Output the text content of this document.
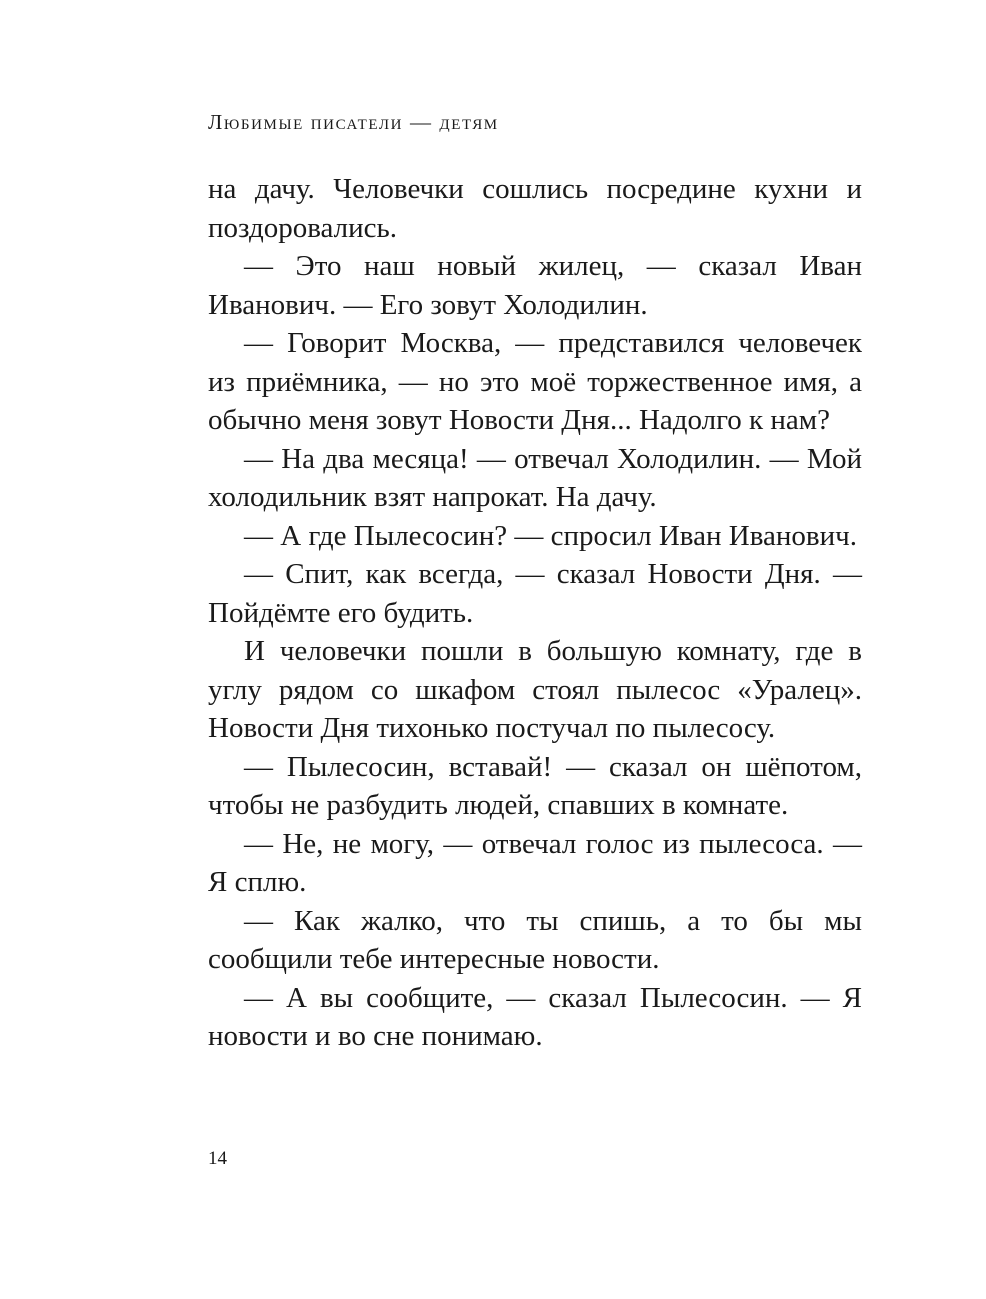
Любимые писатели — детям

на дачу. Человечки сошлись посредине кухни и поздоровались.

— Это наш новый жилец, — сказал Иван Иванович. — Его зовут Холодилин.

— Говорит Москва, — представился человечек из приёмника, — но это моё торжественное имя, а обычно меня зовут Новости Дня... Надолго к нам?

— На два месяца! — отвечал Холодилин. — Мой холодильник взят напрокат. На дачу.

— А где Пылесосин? — спросил Иван Иванович.

— Спит, как всегда, — сказал Новости Дня. — Пойдёмте его будить.

И человечки пошли в большую комнату, где в углу рядом со шкафом стоял пылесос «Уралец». Новости Дня тихонько постучал по пылесосу.

— Пылесосин, вставай! — сказал он шёпотом, чтобы не разбудить людей, спавших в комнате.

— Не, не могу, — отвечал голос из пылесоса. — Я сплю.

— Как жалко, что ты спишь, а то бы мы сообщили тебе интересные новости.

— А вы сообщите, — сказал Пылесосин. — Я новости и во сне понимаю.

14
